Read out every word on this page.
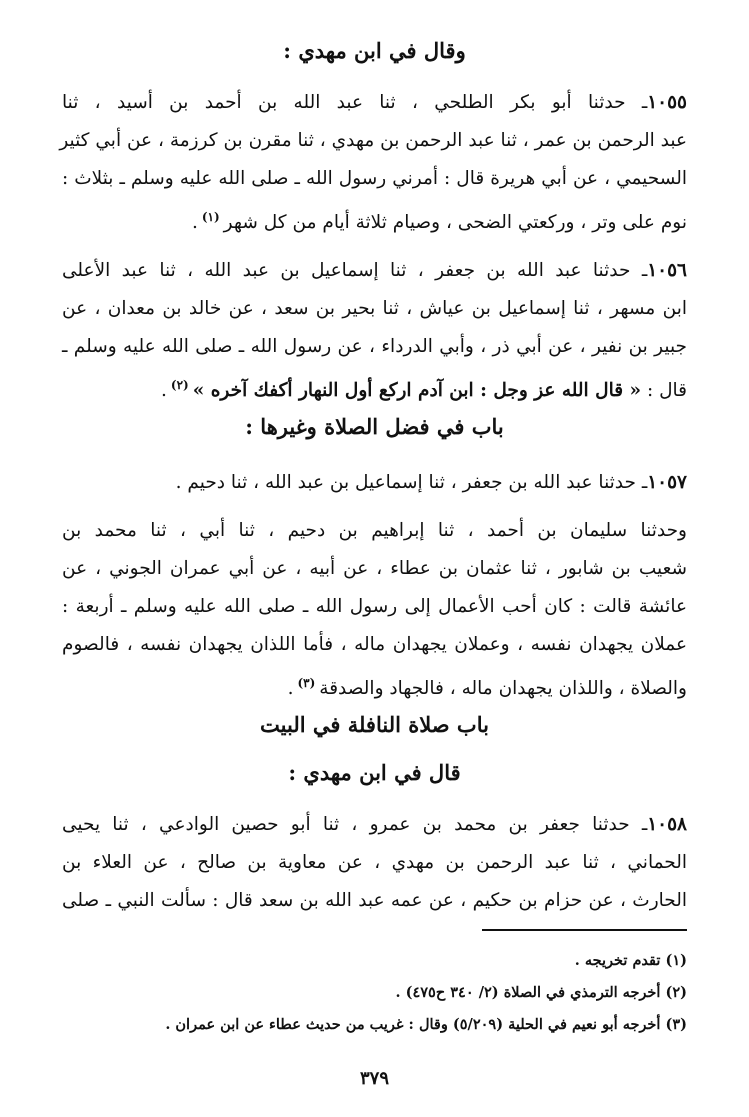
وقال في ابن مهدي :
١٠٥٥ـ حدثنا أبو بكر الطلحي ، ثنا عبد الله بن أحمد بن أسيد ، ثنا
عبد الرحمن بن عمر ، ثنا عبد الرحمن بن مهدي ، ثنا مقرن بن كرزمة ، عن أبي كثير
السحيمي ، عن أبي هريرة قال : أمرني رسول الله ـ صلى الله عليه وسلم ـ بثلاث :
نوم على وتر ، وركعتي الضحى ، وصيام ثلاثة أيام من كل شهر$^{(١)}$.
١٠٥٦ـ حدثنا عبد الله بن جعفر ، ثنا إسماعيل بن عبد الله ، ثنا عبد الأعلى
ابن مسهر ، ثنا إسماعيل بن عياش ، ثنا بحير بن سعد ، عن خالد بن معدان ، عن
جبير بن نفير ، عن أبي ذر ، وأبي الدرداء ، عن رسول الله ـ صلى الله عليه وسلم ـ
قال : « قال الله عز وجل : ابن آدم اركع أول النهار أكفك آخره »$^{(٢)}$.
باب في فضل الصلاة وغيرها :
١٠٥٧ـ حدثنا عبد الله بن جعفر ، ثنا إسماعيل بن عبد الله ، ثنا دحيم .
وحدثنا سليمان بن أحمد ، ثنا إبراهيم بن دحيم ، ثنا أبي ، ثنا محمد بن
شعيب بن شابور ، ثنا عثمان بن عطاء ، عن أبيه ، عن أبي عمران الجوني ، عن
عائشة قالت : كان أحب الأعمال إلى رسول الله ـ صلى الله عليه وسلم ـ أربعة :
عملان يجهدان نفسه ، وعملان يجهدان ماله ، فأما اللذان يجهدان نفسه ، فالصوم
والصلاة ، واللذان يجهدان ماله ، فالجهاد والصدقة$^{(٣)}$.
باب صلاة النافلة في البيت
قال في ابن مهدي :
١٠٥٨ـ حدثنا جعفر بن محمد بن عمرو ، ثنا أبو حصين الوادعي ، ثنا يحيى
الحماني ، ثنا عبد الرحمن بن مهدي ، عن معاوية بن صالح ، عن العلاء بن
الحارث ، عن حزام بن حكيم ، عن عمه عبد الله بن سعد قال : سألت النبي ـ صلى
(١) تقدم تخريجه .
(٢) أخرجه الترمذي في الصلاة (٢/ ٣٤٠ ح٤٧٥) .
(٣) أخرجه أبو نعيم في الحلية (٥/٢٠٩) وقال : غريب من حديث عطاء عن ابن عمران .
٣٧٩
